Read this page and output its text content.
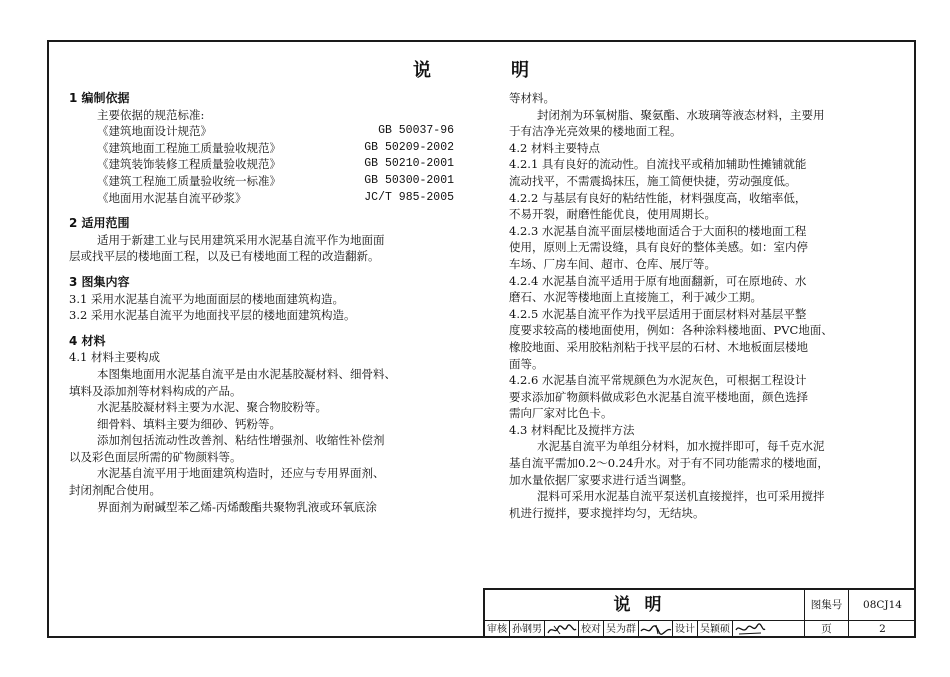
说	明
1 编制依据
主要依据的规范标准:
《建筑地面设计规范》	GB 50037-96
《建筑地面工程施工质量验收规范》	GB 50209-2002
《建筑装饰装修工程质量验收规范》	GB 50210-2001
《建筑工程施工质量验收统一标准》	GB 50300-2001
《地面用水泥基自流平砂浆》	JC/T 985-2005
2 适用范围
适用于新建工业与民用建筑采用水泥基自流平作为地面面
层或找平层的楼地面工程，以及已有楼地面工程的改造翻新。
3 图集内容
3.1 采用水泥基自流平为地面面层的楼地面建筑构造。
3.2 采用水泥基自流平为地面找平层的楼地面建筑构造。
4 材料
4.1 材料主要构成
本图集地面用水泥基自流平是由水泥基胶凝材料、细骨料、
填料及添加剂等材料构成的产品。
水泥基胶凝材料主要为水泥、聚合物胶粉等。
细骨料、填料主要为细砂、钙粉等。
添加剂包括流动性改善剂、粘结性增强剂、收缩性补偿剂
以及彩色面层所需的矿物颜料等。
水泥基自流平用于地面建筑构造时，还应与专用界面剂、
封闭剂配合使用。
界面剂为耐碱型苯乙烯-丙烯酸酯共聚物乳液或环氧底涂
等材料。
封闭剂为环氧树脂、聚氨酯、水玻璃等液态材料，主要用
于有洁净光亮效果的楼地面工程。
4.2 材料主要特点
4.2.1 具有良好的流动性。自流找平或稍加辅助性摊铺就能
流动找平，不需震捣抹压，施工简便快捷，劳动强度低。
4.2.2 与基层有良好的粘结性能，材料强度高，收缩率低，
不易开裂，耐磨性能优良，使用周期长。
4.2.3 水泥基自流平面层楼地面适合于大面积的楼地面工程
使用，原则上无需设缝，具有良好的整体美感。如：室内停
车场、厂房车间、超市、仓库、展厅等。
4.2.4 水泥基自流平适用于原有地面翻新，可在原地砖、水
磨石、水泥等楼地面上直接施工，利于减少工期。
4.2.5 水泥基自流平作为找平层适用于面层材料对基层平整
度要求较高的楼地面使用，例如：各种涂料楼地面、PVC地面、
橡胶地面、采用胶粘剂粘于找平层的石材、木地板面层楼地
面等。
4.2.6 水泥基自流平常规颜色为水泥灰色，可根据工程设计
要求添加矿物颜料做成彩色水泥基自流平楼地面，颜色选择
需向厂家对比色卡。
4.3 材料配比及搅拌方法
水泥基自流平为单组分材料，加水搅拌即可，每千克水泥
基自流平需加0.2～0.24升水。对于有不同功能需求的楼地面，
加水量依据厂家要求进行适当调整。
混料可采用水泥基自流平泵送机直接搅拌，也可采用搅拌
机进行搅拌，要求搅拌均匀，无结块。
说明
审核 孙钢男	校对 吴为群	设计 吴颖硕
图集号	08CJ14
页	2
